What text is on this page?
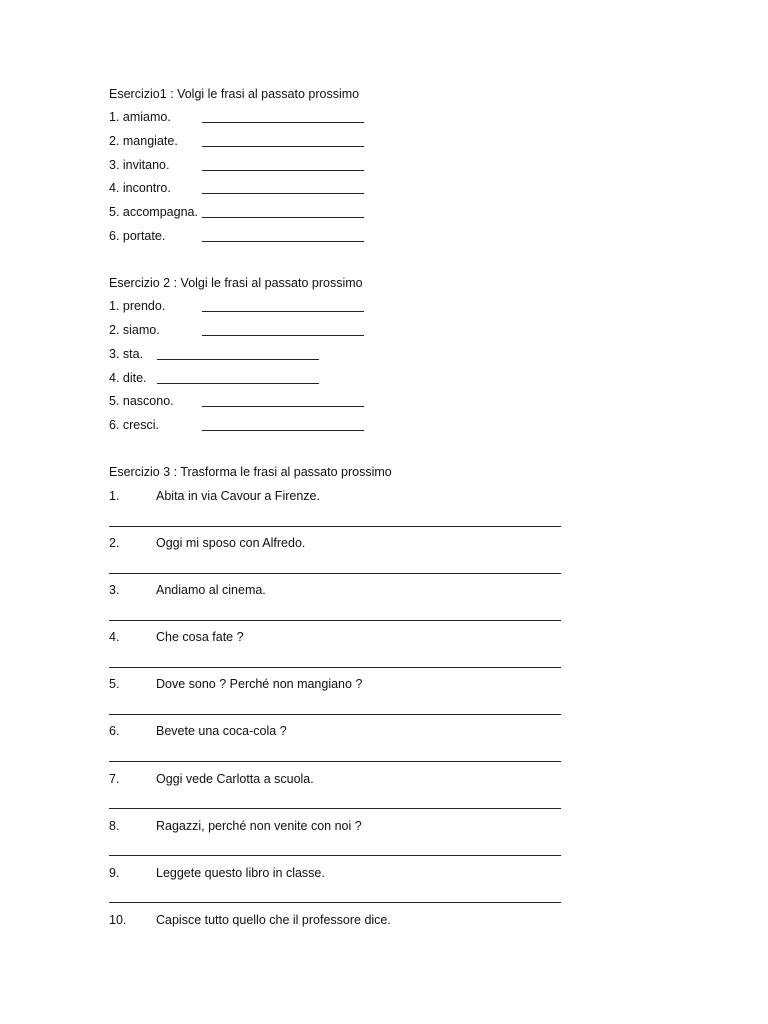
Esercizio1 : Volgi le frasi al passato prossimo
1. amiamo.
2. mangiate.
3. invitano.
4. incontro.
5. accompagna.
6. portate.
Esercizio 2 : Volgi le frasi al passato prossimo
1. prendo.
2. siamo.
3. sta.
4. dite.
5. nascono.
6. cresci.
Esercizio 3 : Trasforma le frasi al passato prossimo
1.	Abita in via Cavour a Firenze.
2.	Oggi mi sposo con Alfredo.
3.	Andiamo al cinema.
4.	Che cosa fate ?
5.	Dove sono ? Perché non mangiano ?
6.	Bevete una coca-cola ?
7.	Oggi vede Carlotta a scuola.
8.	Ragazzi, perché non venite con noi ?
9.	Leggete questo libro in classe.
10. Capisce tutto quello che il professore dice.
